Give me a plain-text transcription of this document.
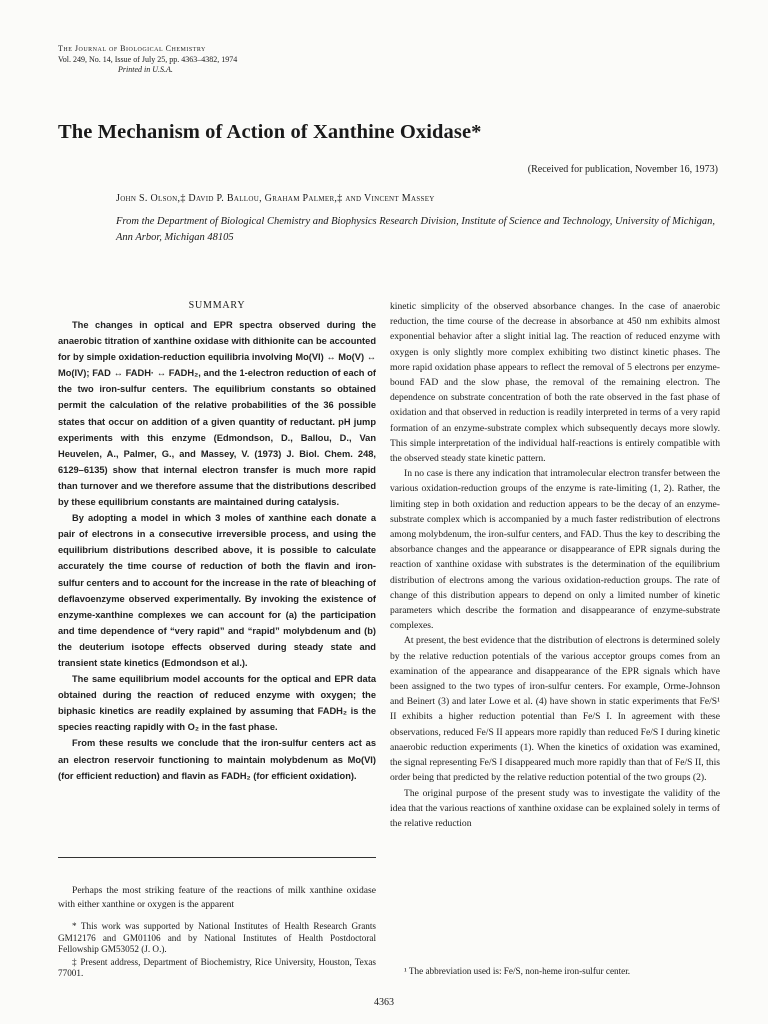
The Journal of Biological Chemistry
Vol. 249, No. 14, Issue of July 25, pp. 4363–4382, 1974
Printed in U.S.A.
The Mechanism of Action of Xanthine Oxidase*
(Received for publication, November 16, 1973)
John S. Olson,‡ David P. Ballou, Graham Palmer,‡ and Vincent Massey
From the Department of Biological Chemistry and Biophysics Research Division, Institute of Science and Technology, University of Michigan, Ann Arbor, Michigan 48105
SUMMARY

The changes in optical and EPR spectra observed during the anaerobic titration of xanthine oxidase with dithionite can be accounted for by simple oxidation-reduction equilibria involving Mo(VI) ↔ Mo(V) ↔ Mo(IV); FAD ↔ FADH· ↔ FADH₂, and the 1-electron reduction of each of the two iron-sulfur centers. The equilibrium constants so obtained permit the calculation of the relative probabilities of the 36 possible states that occur on addition of a given quantity of reductant. pH jump experiments with this enzyme (Edmondson, D., Ballou, D., Van Heuvelen, A., Palmer, G., and Massey, V. (1973) J. Biol. Chem. 248, 6129–6135) show that internal electron transfer is much more rapid than turnover and we therefore assume that the distributions described by these equilibrium constants are maintained during catalysis.

By adopting a model in which 3 moles of xanthine each donate a pair of electrons in a consecutive irreversible process, and using the equilibrium distributions described above, it is possible to calculate accurately the time course of reduction of both the flavin and iron-sulfur centers and to account for the increase in the rate of bleaching of deflavoenzyme observed experimentally. By invoking the existence of enzyme-xanthine complexes we can account for (a) the participation and time dependence of “very rapid” and “rapid” molybdenum and (b) the deuterium isotope effects observed during steady state and transient state kinetics (Edmondson et al.).

The same equilibrium model accounts for the optical and EPR data obtained during the reaction of reduced enzyme with oxygen; the biphasic kinetics are readily explained by assuming that FADH₂ is the species reacting rapidly with O₂ in the fast phase.

From these results we conclude that the iron-sulfur centers act as an electron reservoir functioning to maintain molybdenum as Mo(VI) (for efficient reduction) and flavin as FADH₂ (for efficient oxidation).

Perhaps the most striking feature of the reactions of milk xanthine oxidase with either xanthine or oxygen is the apparent

* This work was supported by National Institutes of Health Research Grants GM12176 and GM01106 and by National Institutes of Health Postdoctoral Fellowship GM53052 (J. O.).

‡ Present address, Department of Biochemistry, Rice University, Houston, Texas 77001.

kinetic simplicity of the observed absorbance changes. In the case of anaerobic reduction, the time course of the decrease in absorbance at 450 nm exhibits almost exponential behavior after a slight initial lag. The reaction of reduced enzyme with oxygen is only slightly more complex exhibiting two distinct kinetic phases. The more rapid oxidation phase appears to reflect the removal of 5 electrons per enzyme-bound FAD and the slow phase, the removal of the remaining electron. The dependence on substrate concentration of both the rate observed in the fast phase of oxidation and that observed in reduction is readily interpreted in terms of a very rapid formation of an enzyme-substrate complex which subsequently decays more slowly. This simple interpretation of the individual half-reactions is entirely compatible with the observed steady state kinetic pattern.

In no case is there any indication that intramolecular electron transfer between the various oxidation-reduction groups of the enzyme is rate-limiting (1, 2). Rather, the limiting step in both oxidation and reduction appears to be the decay of an enzyme-substrate complex which is accompanied by a much faster redistribution of electrons among molybdenum, the iron-sulfur centers, and FAD. Thus the key to describing the absorbance changes and the appearance or disappearance of EPR signals during the reaction of xanthine oxidase with substrates is the determination of the equilibrium distribution of electrons among the various oxidation-reduction groups. The rate of change of this distribution appears to depend on only a limited number of kinetic parameters which describe the formation and disappearance of enzyme-substrate complexes.

At present, the best evidence that the distribution of electrons is determined solely by the relative reduction potentials of the various acceptor groups comes from an examination of the appearance and disappearance of the EPR signals which have been assigned to the two types of iron-sulfur centers. For example, Orme-Johnson and Beinert (3) and later Lowe et al. (4) have shown in static experiments that Fe/S¹ II exhibits a higher reduction potential than Fe/S I. In agreement with these observations, reduced Fe/S II appears more rapidly than reduced Fe/S I during kinetic anaerobic reduction experiments (1). When the kinetics of oxidation was examined, the signal representing Fe/S I disappeared much more rapidly than that of Fe/S II, this order being that predicted by the relative reduction potential of the two groups (2).

The original purpose of the present study was to investigate the validity of the idea that the various reactions of xanthine oxidase can be explained solely in terms of the relative reduction

¹ The abbreviation used is: Fe/S, non-heme iron-sulfur center.

4363
